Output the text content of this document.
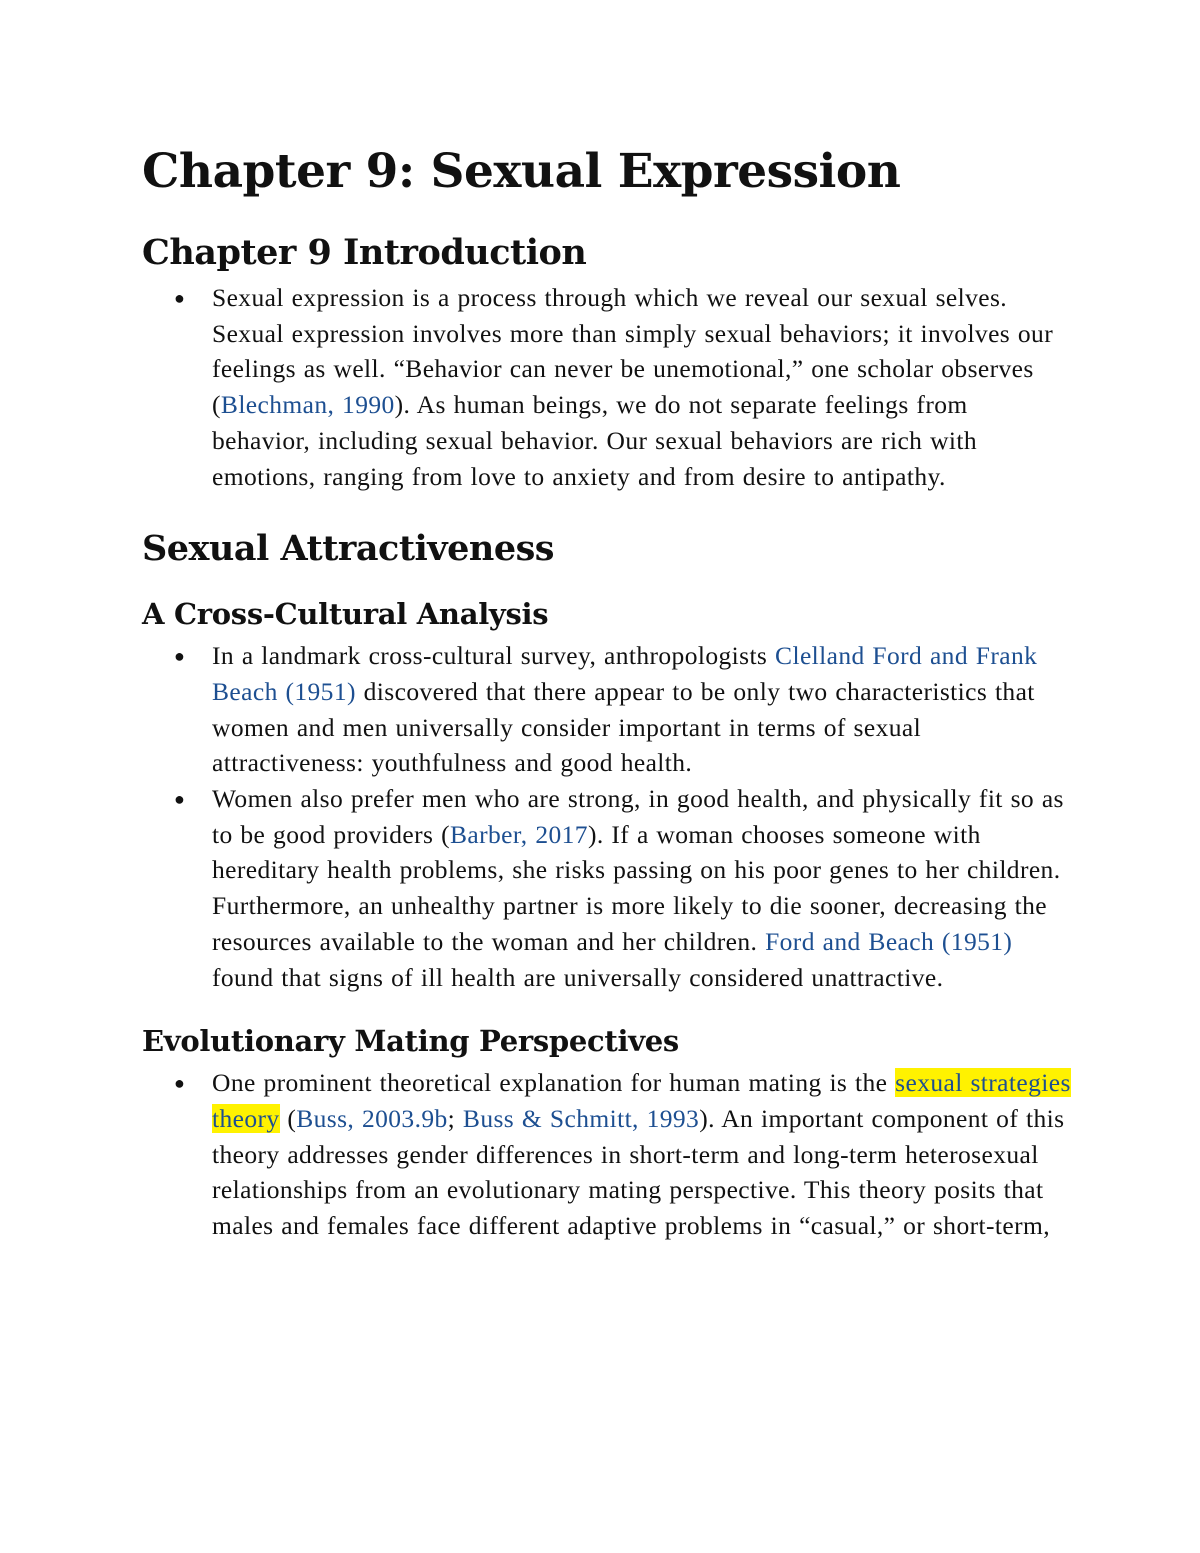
Chapter 9: Sexual Expression
Chapter 9 Introduction
● Sexual expression is a process through which we reveal our sexual selves. Sexual expression involves more than simply sexual behaviors; it involves our feelings as well. “Behavior can never be unemotional,” one scholar observes (Blechman, 1990). As human beings, we do not separate feelings from behavior, including sexual behavior. Our sexual behaviors are rich with emotions, ranging from love to anxiety and from desire to antipathy.
Sexual Attractiveness
A Cross-Cultural Analysis
● In a landmark cross-cultural survey, anthropologists Clelland Ford and Frank Beach (1951) discovered that there appear to be only two characteristics that women and men universally consider important in terms of sexual attractiveness: youthfulness and good health.
● Women also prefer men who are strong, in good health, and physically fit so as to be good providers (Barber, 2017). If a woman chooses someone with hereditary health problems, she risks passing on his poor genes to her children. Furthermore, an unhealthy partner is more likely to die sooner, decreasing the resources available to the woman and her children. Ford and Beach (1951) found that signs of ill health are universally considered unattractive.
Evolutionary Mating Perspectives
● One prominent theoretical explanation for human mating is the sexual strategies theory (Buss, 2003.9b; Buss & Schmitt, 1993). An important component of this theory addresses gender differences in short-term and long-term heterosexual relationships from an evolutionary mating perspective. This theory posits that males and females face different adaptive problems in “casual,” or short-term,
